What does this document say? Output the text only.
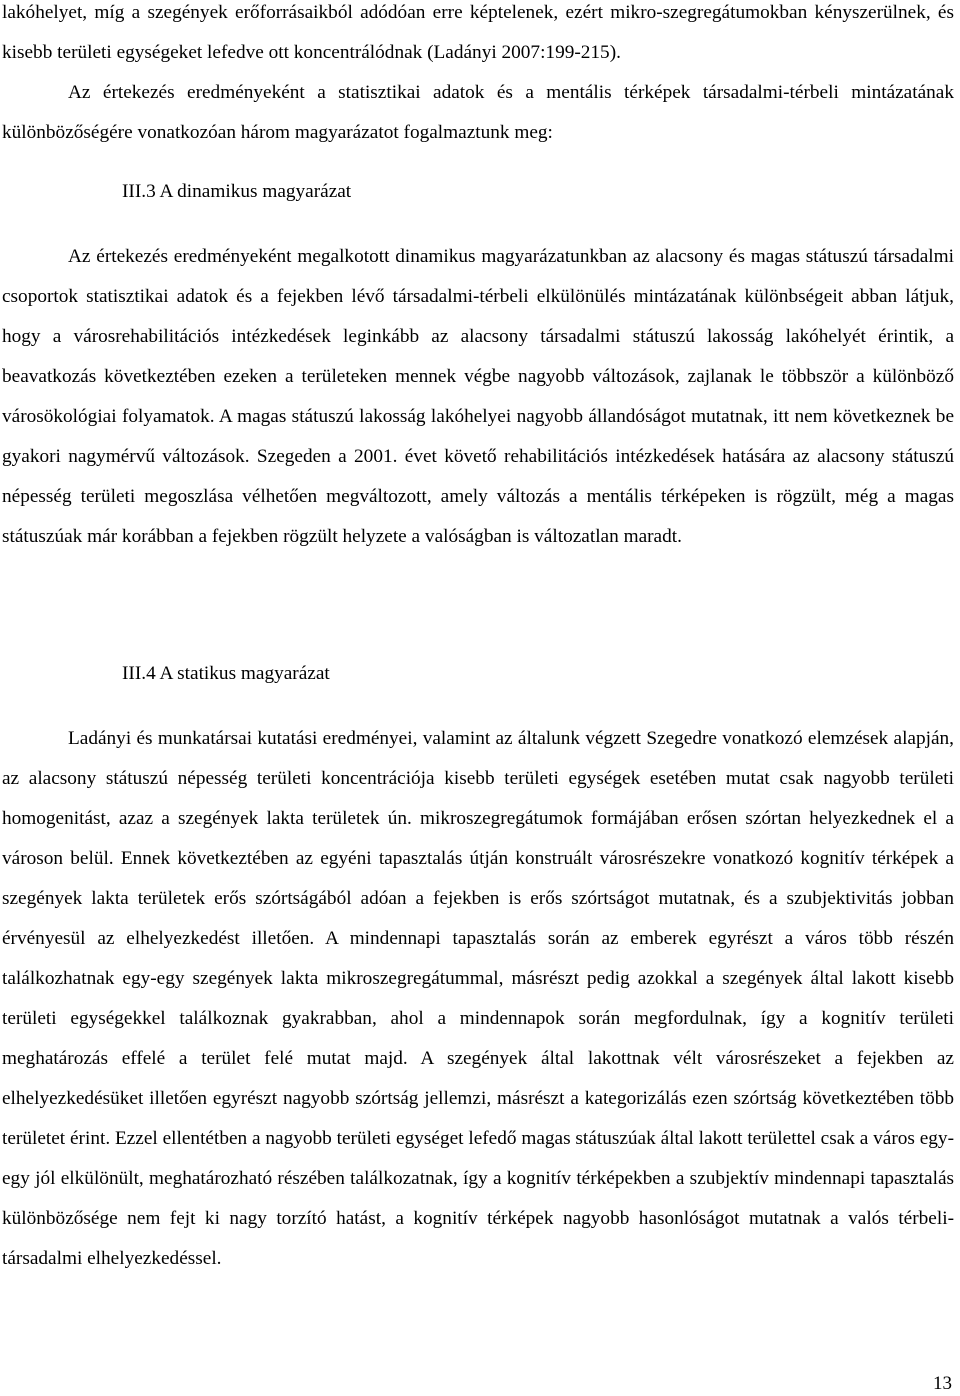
lakóhelyet, míg a szegények erőforrásaikból adódóan erre képtelenek, ezért mikro-szegregátumokban kényszerülnek, és kisebb területi egységeket lefedve ott koncentrálódnak (Ladányi 2007:199-215).

Az értekezés eredményeként a statisztikai adatok és a mentális térképek társadalmi-térbeli mintázatának különbözőségére vonatkozóan három magyarázatot fogalmaztunk meg:

III.3 A dinamikus magyarázat

Az értekezés eredményeként megalkotott dinamikus magyarázatunkban az alacsony és magas státuszú társadalmi csoportok statisztikai adatok és a fejekben lévő társadalmi-térbeli elkülönülés mintázatának különbségeit abban látjuk, hogy a városrehabilitációs intézkedések leginkább az alacsony társadalmi státuszú lakosság lakóhelyét érintik, a beavatkozás következtében ezeken a területeken mennek végbe nagyobb változások, zajlanak le többször a különböző városökológiai folyamatok. A magas státuszú lakosság lakóhelyei nagyobb állandóságot mutatnak, itt nem következnek be gyakori nagymérvű változások. Szegeden a 2001. évet követő rehabilitációs intézkedések hatására az alacsony státuszú népesség területi megoszlása vélhetően megváltozott, amely változás a mentális térképeken is rögzült, még a magas státuszúak már korábban a fejekben rögzült helyzete a valóságban is változatlan maradt.

III.4 A statikus magyarázat

Ladányi és munkatársai kutatási eredményei, valamint az általunk végzett Szegedre vonatkozó elemzések alapján, az alacsony státuszú népesség területi koncentrációja kisebb területi egységek esetében mutat csak nagyobb területi homogenitást, azaz a szegények lakta területek ún. mikroszegregátumok formájában erősen szórtan helyezkednek el a városon belül. Ennek következtében az egyéni tapasztalás útján konstruált városrészekre vonatkozó kognitív térképek a szegények lakta területek erős szórtságából adóan a fejekben is erős szórtságot mutatnak, és a szubjektivitás jobban érvényesül az elhelyezkedést illetően. A mindennapi tapasztalás során az emberek egyrészt a város több részén találkozhatnak egy-egy szegények lakta mikroszegregátummal, másrészt pedig azokkal a szegények által lakott kisebb területi egységekkel találkoznak gyakrabban, ahol a mindennapok során megfordulnak, így a kognitív területi meghatározás effelé a terület felé mutat majd. A szegények által lakottnak vélt városrészeket a fejekben az elhelyezkedésüket illetően egyrészt nagyobb szórtság jellemzi, másrészt a kategorizálás ezen szórtság következtében több területet érint. Ezzel ellentétben a nagyobb területi egységet lefedő magas státuszúak által lakott területtel csak a város egy-egy jól elkülönült, meghatározható részében találkozatnak, így a kognitív térképekben a szubjektív mindennapi tapasztalás különbözősége nem fejt ki nagy torzító hatást, a kognitív térképek nagyobb hasonlóságot mutatnak a valós térbeli-társadalmi elhelyezkedéssel.

13
